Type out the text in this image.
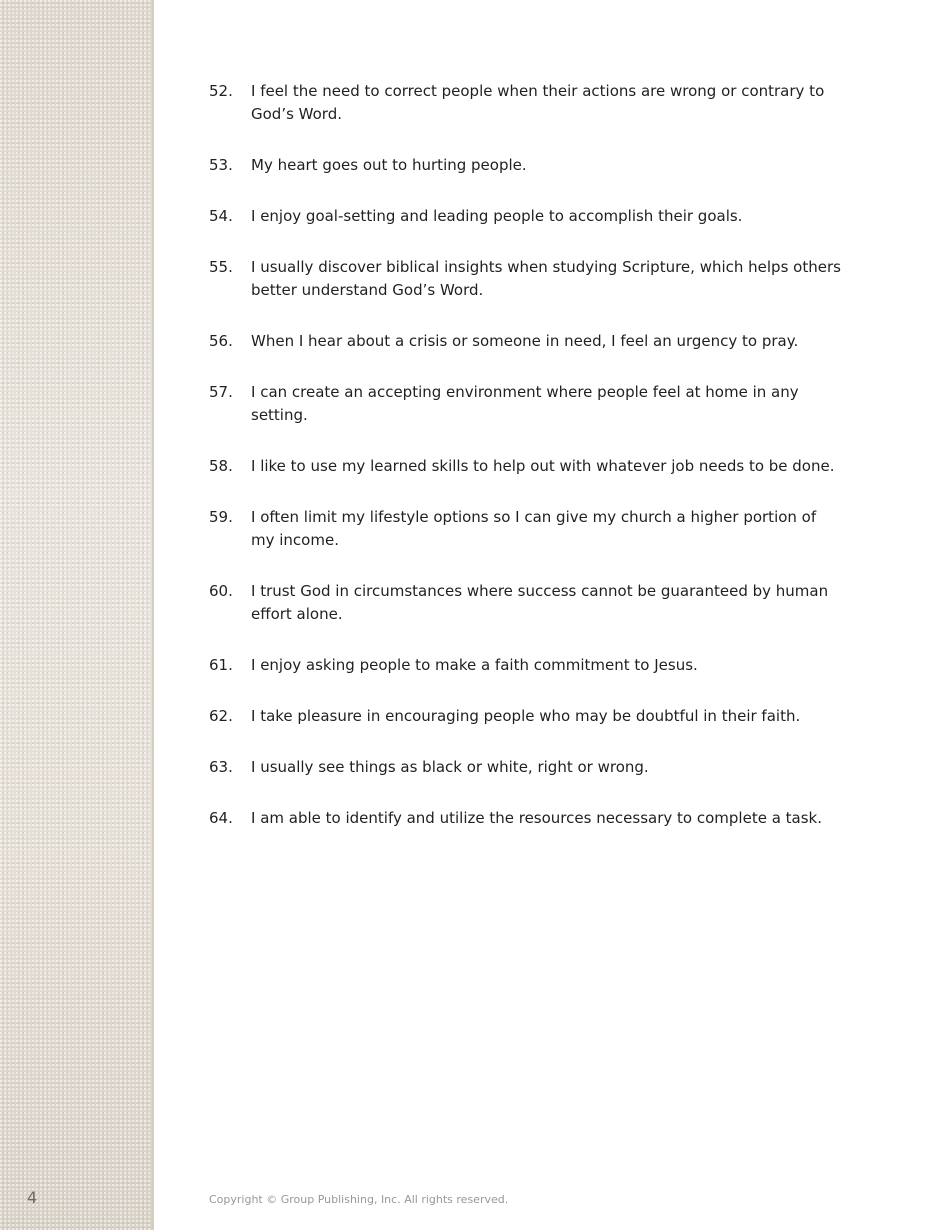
4
52.	I feel the need to correct people when their actions are wrong or contrary to God’s Word.
53.	My heart goes out to hurting people.
54.	I enjoy goal-setting and leading people to accomplish their goals.
55.	I usually discover biblical insights when studying Scripture, which helps others better understand God’s Word.
56.	When I hear about a crisis or someone in need, I feel an urgency to pray.
57.	I can create an accepting environment where people feel at home in any setting.
58.	I like to use my learned skills to help out with whatever job needs to be done.
59.	I often limit my lifestyle options so I can give my church a higher portion of my income.
60.	I trust God in circumstances where success cannot be guaranteed by human effort alone.
61.	I enjoy asking people to make a faith commitment to Jesus.
62.	I take pleasure in encouraging people who may be doubtful in their faith.
63.	I usually see things as black or white, right or wrong.
64.	I am able to identify and utilize the resources necessary to complete a task.
Copyright © Group Publishing, Inc. All rights reserved.
